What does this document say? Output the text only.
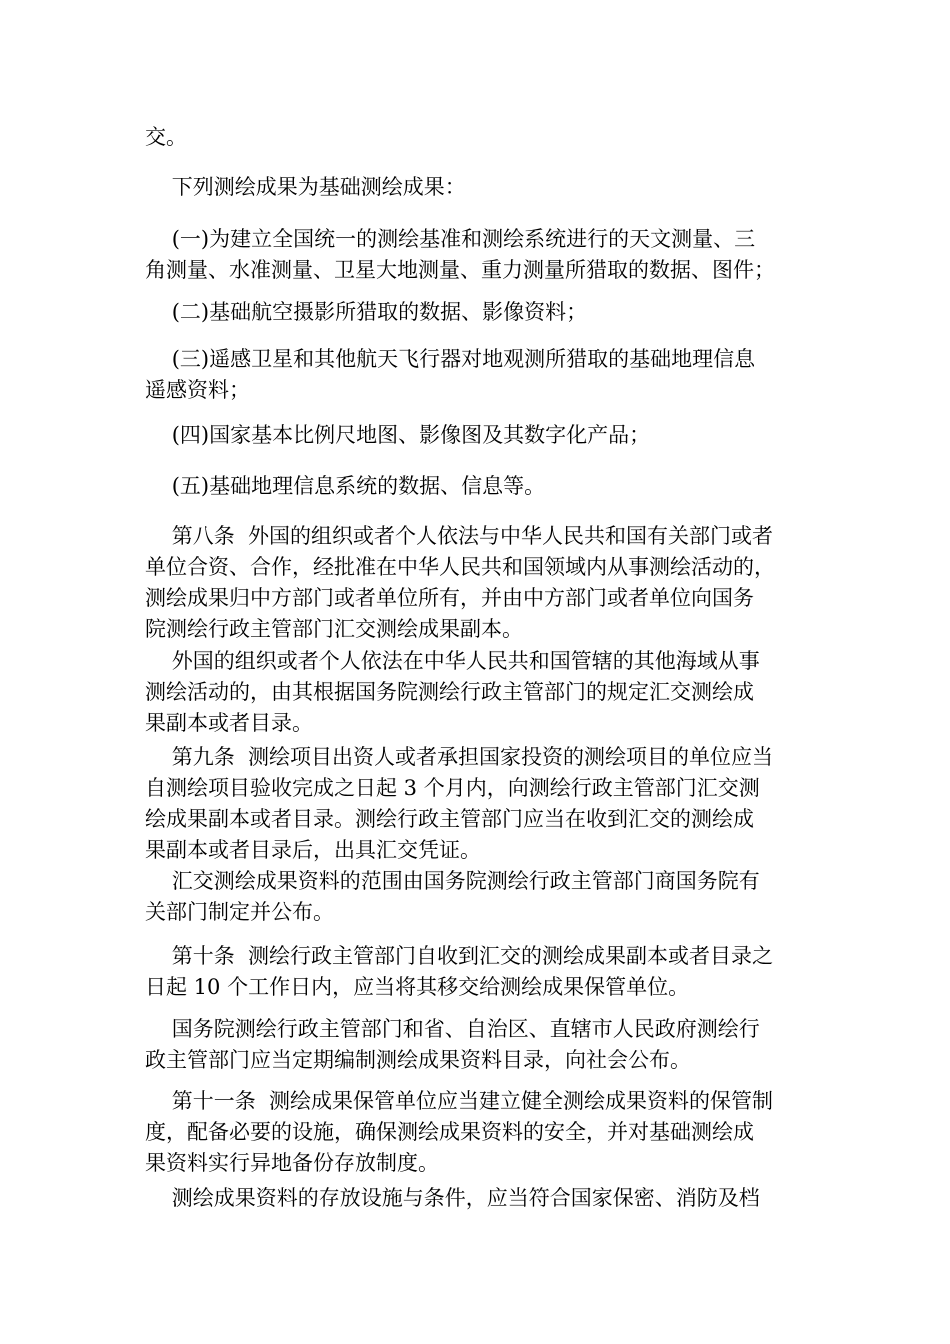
交。

下列测绘成果为基础测绘成果：

(一)为建立全国统一的测绘基准和测绘系统进行的天文测量、三
角测量、水准测量、卫星大地测量、重力测量所猎取的数据、图件；

(二)基础航空摄影所猎取的数据、影像资料；

(三)遥感卫星和其他航天飞行器对地观测所猎取的基础地理信息
遥感资料；

(四)国家基本比例尺地图、影像图及其数字化产品；

(五)基础地理信息系统的数据、信息等。

第八条  外国的组织或者个人依法与中华人民共和国有关部门或者
单位合资、合作，经批准在中华人民共和国领域内从事测绘活动的，
测绘成果归中方部门或者单位所有，并由中方部门或者单位向国务
院测绘行政主管部门汇交测绘成果副本。

外国的组织或者个人依法在中华人民共和国管辖的其他海域从事
测绘活动的，由其根据国务院测绘行政主管部门的规定汇交测绘成
果副本或者目录。

第九条  测绘项目出资人或者承担国家投资的测绘项目的单位应当
自测绘项目验收完成之日起 3 个月内，向测绘行政主管部门汇交测
绘成果副本或者目录。测绘行政主管部门应当在收到汇交的测绘成
果副本或者目录后，出具汇交凭证。

汇交测绘成果资料的范围由国务院测绘行政主管部门商国务院有
关部门制定并公布。

第十条  测绘行政主管部门自收到汇交的测绘成果副本或者目录之
日起 10 个工作日内，应当将其移交给测绘成果保管单位。

国务院测绘行政主管部门和省、自治区、直辖市人民政府测绘行
政主管部门应当定期编制测绘成果资料目录，向社会公布。

第十一条  测绘成果保管单位应当建立健全测绘成果资料的保管制
度，配备必要的设施，确保测绘成果资料的安全，并对基础测绘成
果资料实行异地备份存放制度。

测绘成果资料的存放设施与条件，应当符合国家保密、消防及档
